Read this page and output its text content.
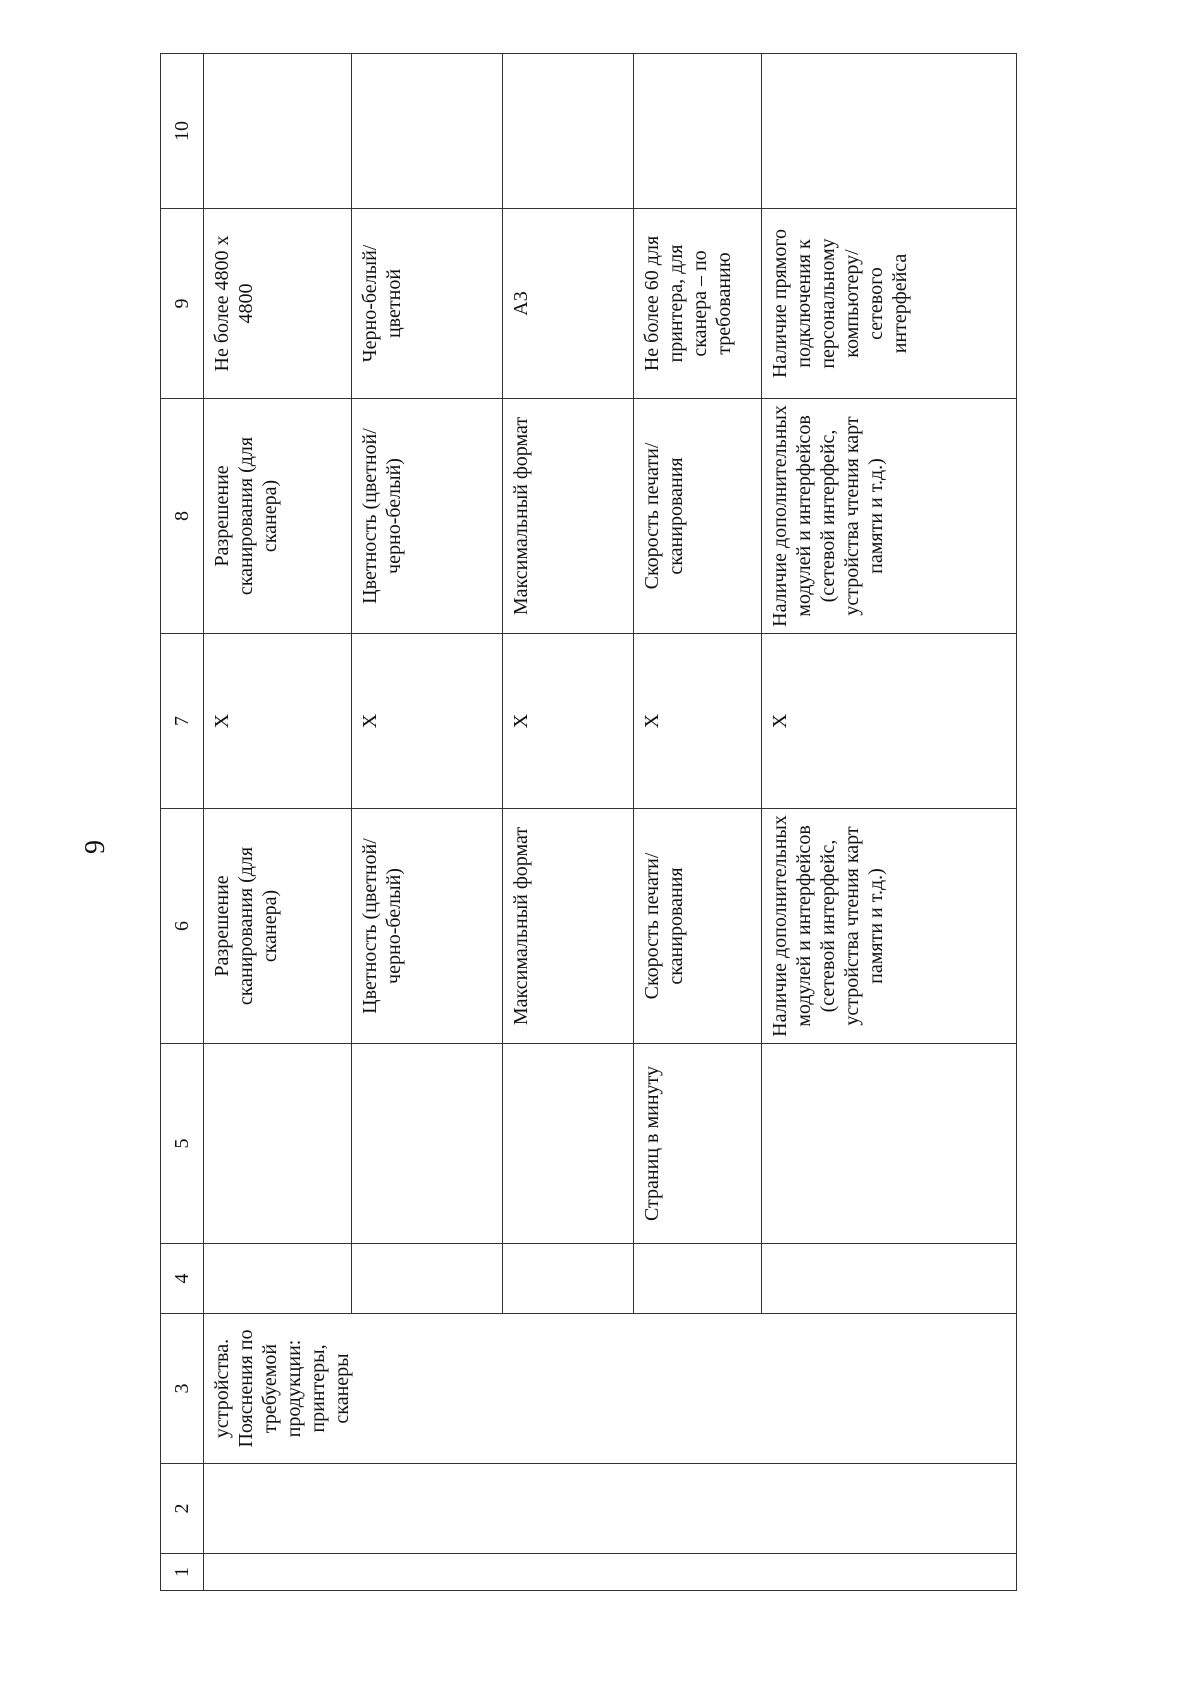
9
1	2	3	4	5	6	7	8	9	10
		устройства. Пояснения по требуемой продукции: принтеры, сканеры			Разрешение сканирования (для сканера)	Х	Разрешение сканирования (для сканера)	Не более 4800 х 4800	
					Цветность (цветной/черно-белый)	Х	Цветность (цветной/черно-белый)	Черно-белый/цветной	
					Максимальный формат	Х	Максимальный формат	А3	
				Страниц в минуту	Скорость печати/ сканирования	Х	Скорость печати/ сканирования	Не более 60 для принтера, для сканера – по требованию	
					Наличие дополнительных модулей и интерфейсов (сетевой интерфейс, устройства чтения карт памяти и т.д.)	Х	Наличие дополнительных модулей и интерфейсов (сетевой интерфейс, устройства чтения карт памяти и т.д.)	Наличие прямого подключения к персональному компьютеру/ сетевого интерфейса	
